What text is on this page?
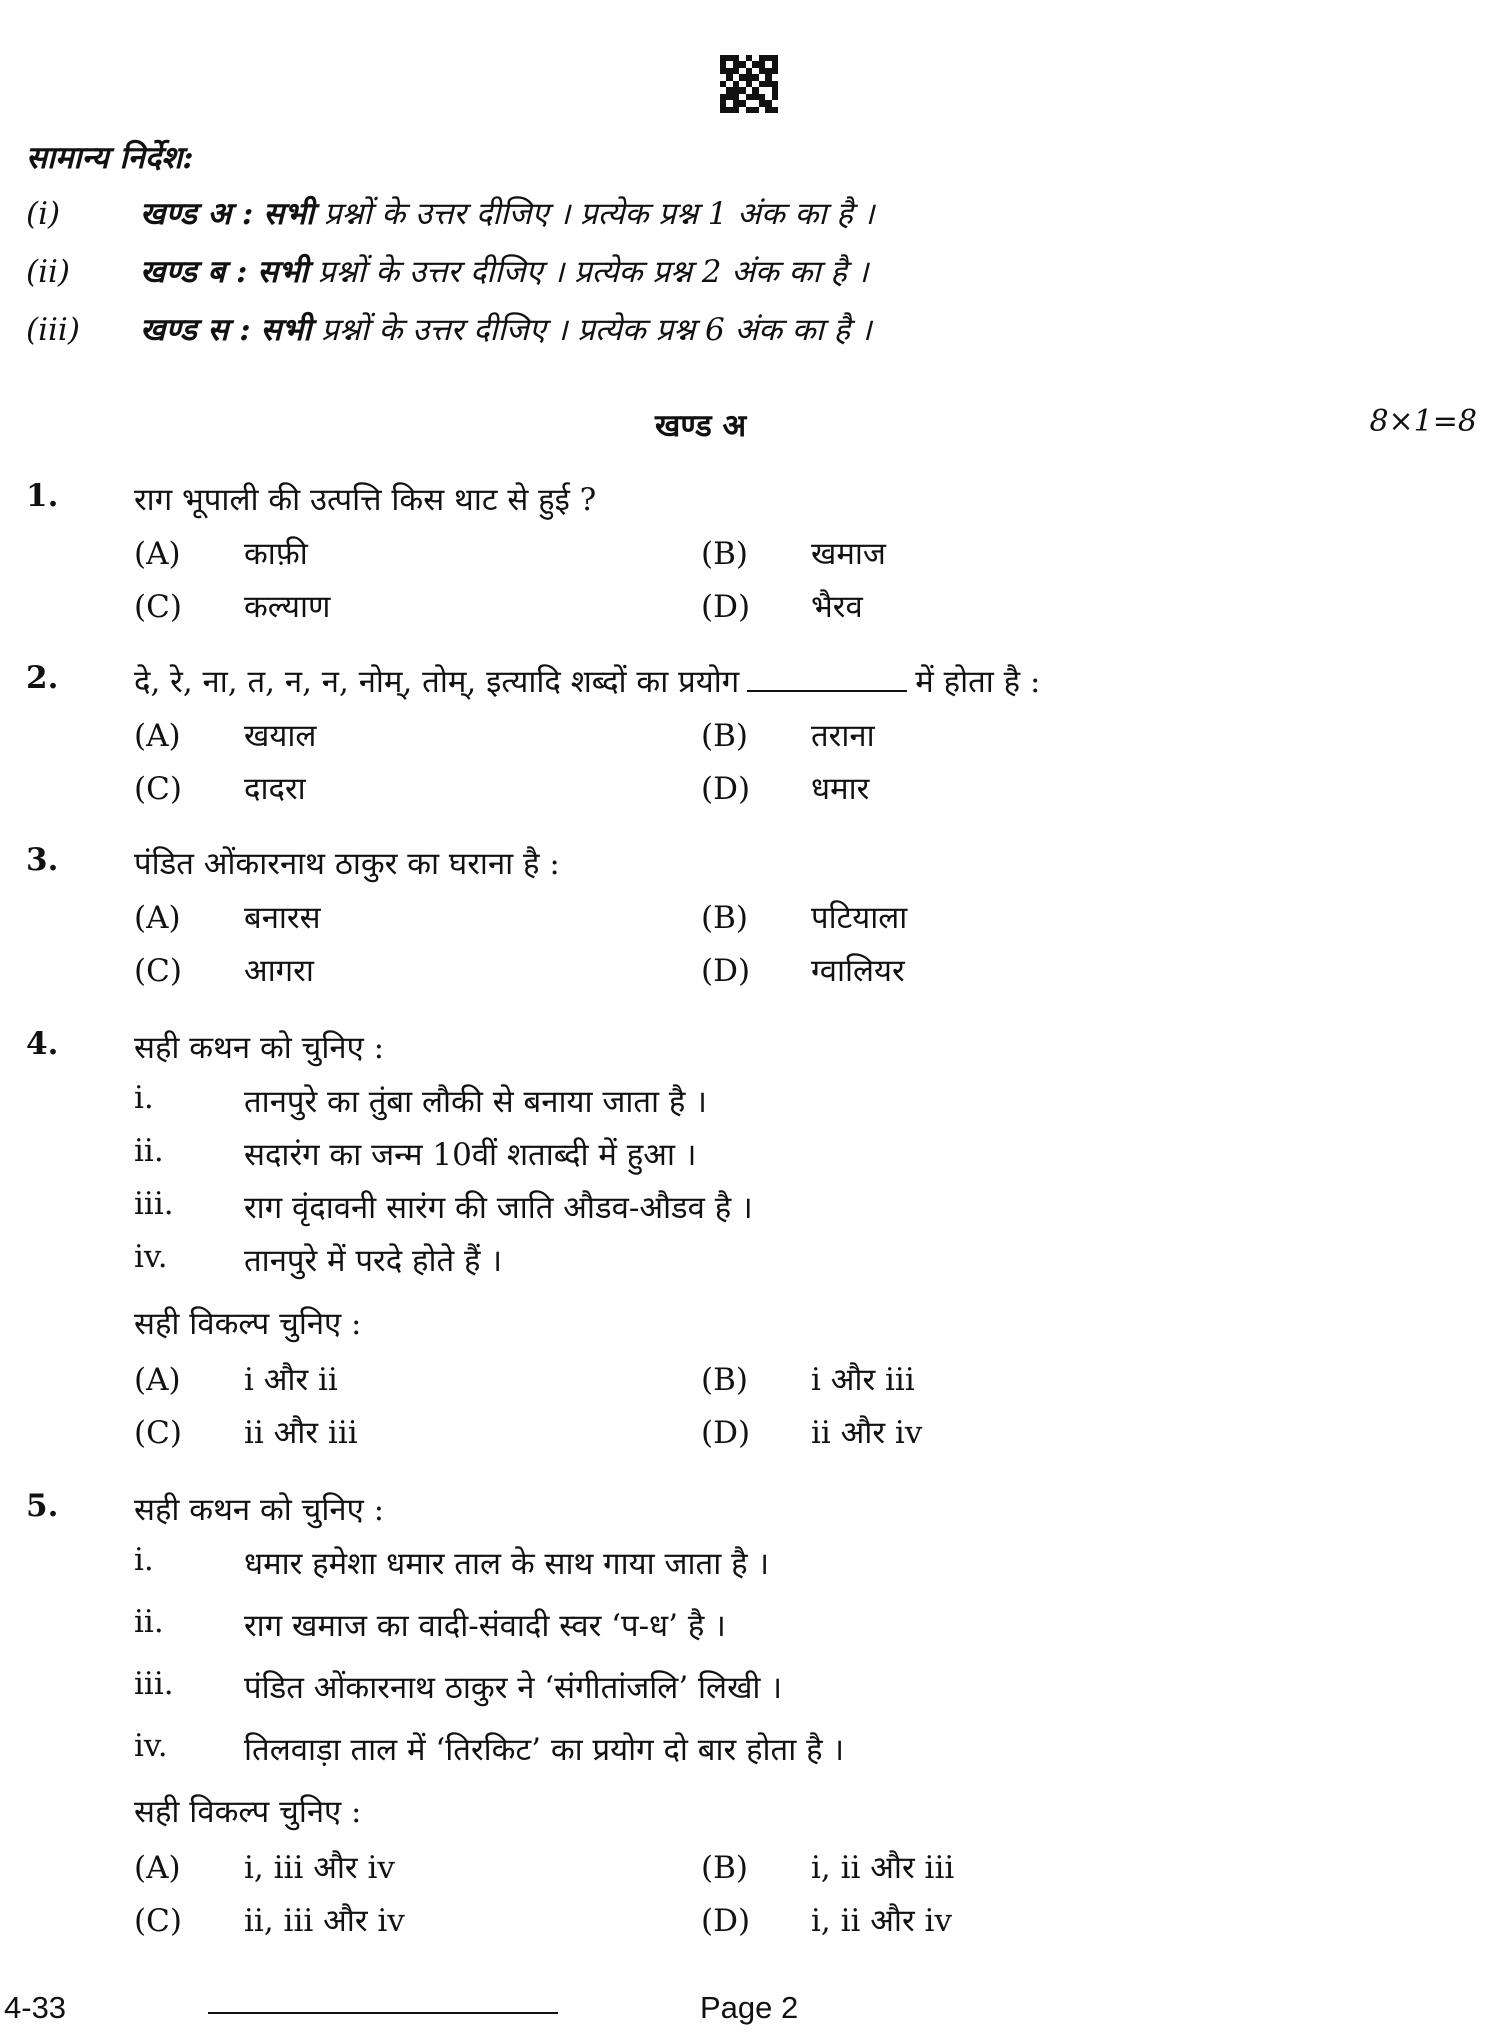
सामान्य निर्देश:
(i)	खण्ड अ : सभी प्रश्नों के उत्तर दीजिए । प्रत्येक प्रश्न 1 अंक का है ।
(ii) खण्ड ब : सभी प्रश्नों के उत्तर दीजिए । प्रत्येक प्रश्न 2 अंक का है ।
(iii) खण्ड स : सभी प्रश्नों के उत्तर दीजिए । प्रत्येक प्रश्न 6 अंक का है ।
खण्ड अ	8×1=8
1. राग भूपाली की उत्पत्ति किस थाट से हुई ?
(A) काफ़ी	(B) खमाज
(C) कल्याण	(D) भैरव
2. दे, रे, ना, त, न, न, नोम्, तोम्, इत्यादि शब्दों का प्रयोग	में होता है :
(A) खयाल	(B) तराना
(C) दादरा	(D) धमार
3. पंडित ओंकारनाथ ठाकुर का घराना है :
(A) बनारस	(B) पटियाला
(C) आगरा	(D) ग्वालियर
4. सही कथन को चुनिए :
i.	तानपुरे का तुंबा लौकी से बनाया जाता है ।
ii.	सदारंग का जन्म 10वीं शताब्दी में हुआ ।
iii. राग वृंदावनी सारंग की जाति औडव-औडव है ।
iv. तानपुरे में परदे होते हैं ।
सही विकल्प चुनिए :
(A) i और ii	(B) i और iii
(C) ii और iii	(D) ii और iv
5. सही कथन को चुनिए :
i.	धमार हमेशा धमार ताल के साथ गाया जाता है ।
ii.	राग खमाज का वादी-संवादी स्वर ‘प-ध’ है ।
iii. पंडित ओंकारनाथ ठाकुर ने ‘संगीतांजलि’ लिखी ।
iv. तिलवाड़ा ताल में ‘तिरकिट’ का प्रयोग दो बार होता है ।
सही विकल्प चुनिए :
(A) i, iii और iv	(B) i, ii और iii
(C) ii, iii और iv	(D) i, ii और iv
4-33	Page 2
